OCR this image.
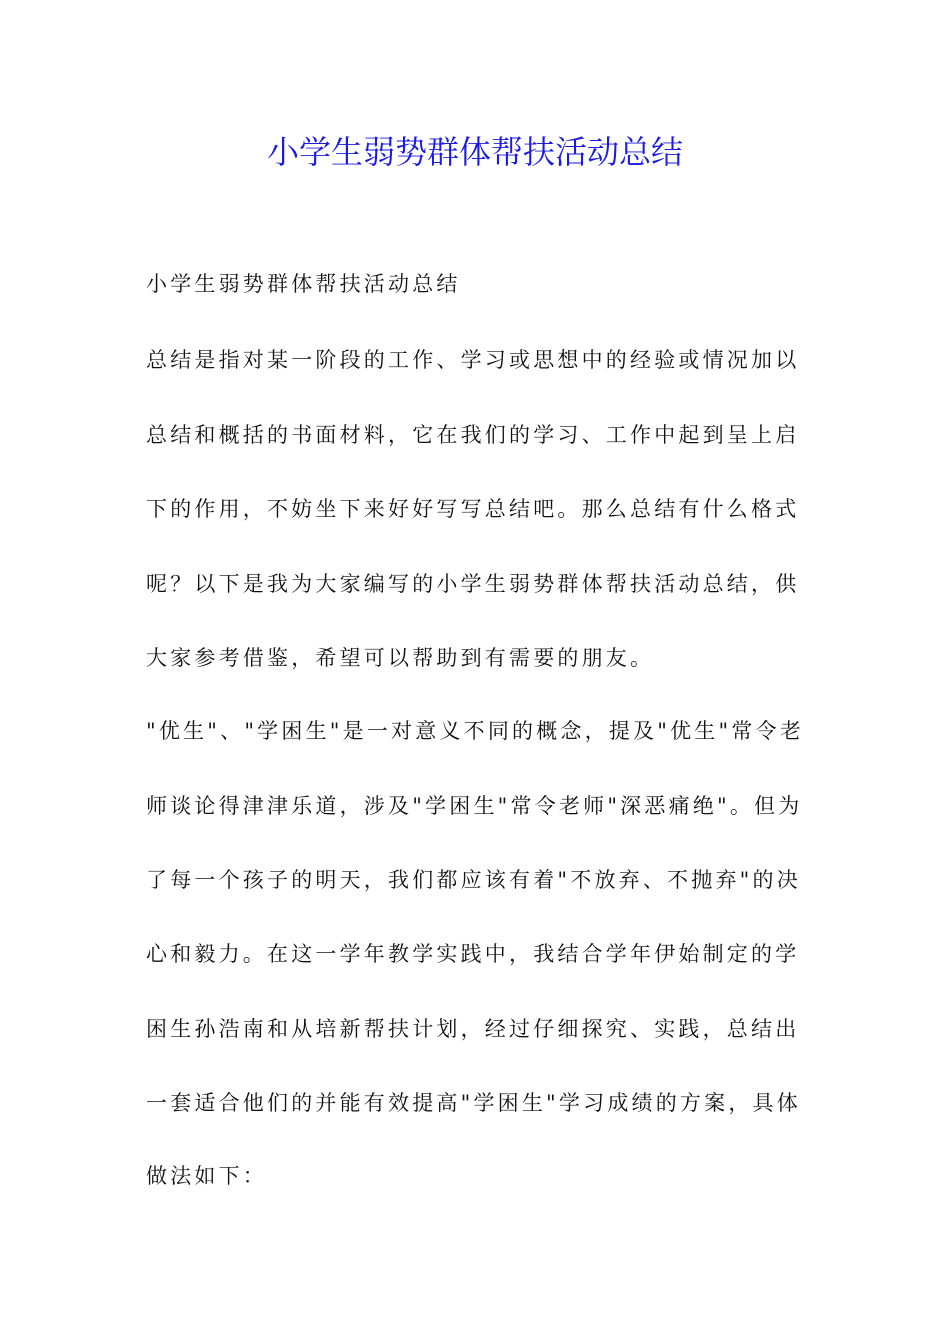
小学生弱势群体帮扶活动总结

小学生弱势群体帮扶活动总结

总结是指对某一阶段的工作、学习或思想中的经验或情况加以

总结和概括的书面材料，它在我们的学习、工作中起到呈上启

下的作用，不妨坐下来好好写写总结吧。那么总结有什么格式

呢？以下是我为大家编写的小学生弱势群体帮扶活动总结，供

大家参考借鉴，希望可以帮助到有需要的朋友。

"优生"、"学困生"是一对意义不同的概念，提及"优生"常令老

师谈论得津津乐道，涉及"学困生"常令老师"深恶痛绝"。但为

了每一个孩子的明天，我们都应该有着"不放弃、不抛弃"的决

心和毅力。在这一学年教学实践中，我结合学年伊始制定的学

困生孙浩南和从培新帮扶计划，经过仔细探究、实践，总结出

一套适合他们的并能有效提高"学困生"学习成绩的方案，具体

做法如下：
